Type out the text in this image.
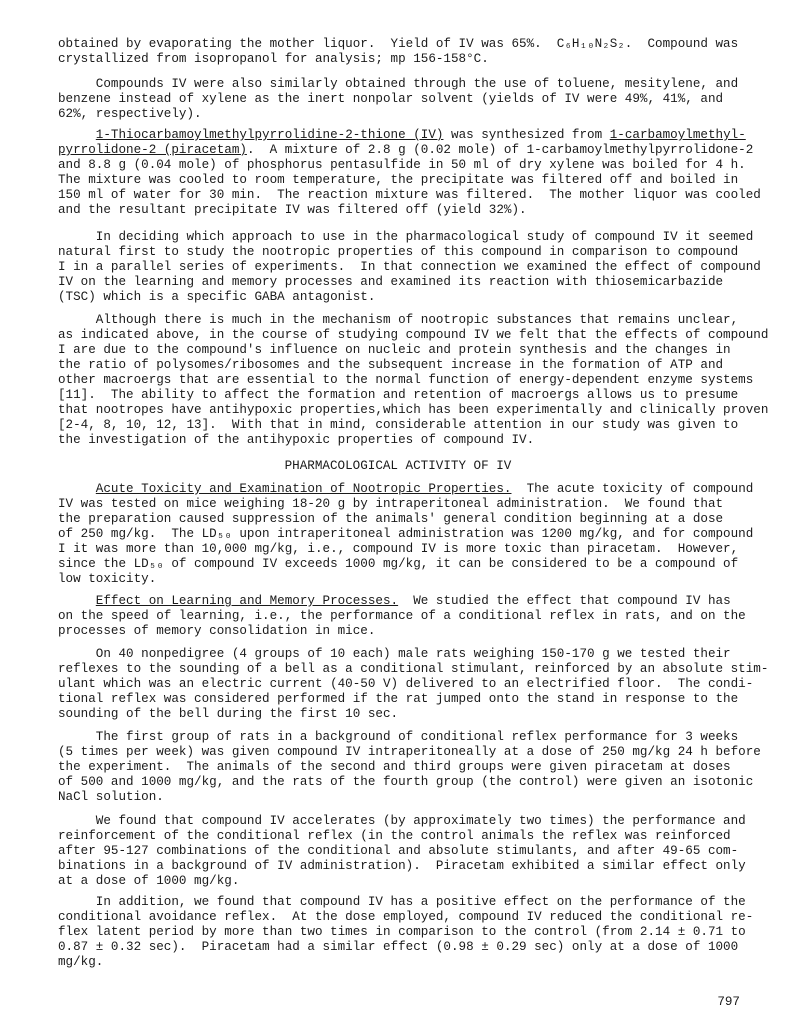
obtained by evaporating the mother liquor.  Yield of IV was 65%.  C₆H₁₀N₂S₂.  Compound was
crystallized from isopropanol for analysis; mp 156-158°C.
Compounds IV were also similarly obtained through the use of toluene, mesitylene, and
benzene instead of xylene as the inert nonpolar solvent (yields of IV were 49%, 41%, and
62%, respectively).
1-Thiocarbamoylmethylpyrrolidine-2-thione (IV) was synthesized from 1-carbamoylmethyl-
pyrrolidone-2 (piracetam).  A mixture of 2.8 g (0.02 mole) of 1-carbamoylmethylpyrrolidone-2
and 8.8 g (0.04 mole) of phosphorus pentasulfide in 50 ml of dry xylene was boiled for 4 h.
The mixture was cooled to room temperature, the precipitate was filtered off and boiled in
150 ml of water for 30 min.  The reaction mixture was filtered.  The mother liquor was cooled
and the resultant precipitate IV was filtered off (yield 32%).
In deciding which approach to use in the pharmacological study of compound IV it seemed
natural first to study the nootropic properties of this compound in comparison to compound
I in a parallel series of experiments.  In that connection we examined the effect of compound
IV on the learning and memory processes and examined its reaction with thiosemicarbazide
(TSC) which is a specific GABA antagonist.
Although there is much in the mechanism of nootropic substances that remains unclear,
as indicated above, in the course of studying compound IV we felt that the effects of compound
I are due to the compound's influence on nucleic and protein synthesis and the changes in
the ratio of polysomes/ribosomes and the subsequent increase in the formation of ATP and
other macroergs that are essential to the normal function of energy-dependent enzyme systems
[11].  The ability to affect the formation and retention of macroergs allows us to presume
that nootropes have antihypoxic properties,which has been experimentally and clinically proven
[2-4, 8, 10, 12, 13].  With that in mind, considerable attention in our study was given to
the investigation of the antihypoxic properties of compound IV.

PHARMACOLOGICAL ACTIVITY OF IV

Acute Toxicity and Examination of Nootropic Properties.  The acute toxicity of compound
IV was tested on mice weighing 18-20 g by intraperitoneal administration.  We found that
the preparation caused suppression of the animals' general condition beginning at a dose
of 250 mg/kg.  The LD₅₀ upon intraperitoneal administration was 1200 mg/kg, and for compound
I it was more than 10,000 mg/kg, i.e., compound IV is more toxic than piracetam.  However,
since the LD₅₀ of compound IV exceeds 1000 mg/kg, it can be considered to be a compound of
low toxicity.
Effect on Learning and Memory Processes.  We studied the effect that compound IV has
on the speed of learning, i.e., the performance of a conditional reflex in rats, and on the
processes of memory consolidation in mice.
On 40 nonpedigree (4 groups of 10 each) male rats weighing 150-170 g we tested their
reflexes to the sounding of a bell as a conditional stimulant, reinforced by an absolute stim-
ulant which was an electric current (40-50 V) delivered to an electrified floor.  The condi-
tional reflex was considered performed if the rat jumped onto the stand in response to the
sounding of the bell during the first 10 sec.
The first group of rats in a background of conditional reflex performance for 3 weeks
(5 times per week) was given compound IV intraperitoneally at a dose of 250 mg/kg 24 h before
the experiment.  The animals of the second and third groups were given piracetam at doses
of 500 and 1000 mg/kg, and the rats of the fourth group (the control) were given an isotonic
NaCl solution.
We found that compound IV accelerates (by approximately two times) the performance and
reinforcement of the conditional reflex (in the control animals the reflex was reinforced
after 95-127 combinations of the conditional and absolute stimulants, and after 49-65 com-
binations in a background of IV administration).  Piracetam exhibited a similar effect only
at a dose of 1000 mg/kg.
In addition, we found that compound IV has a positive effect on the performance of the
conditional avoidance reflex.  At the dose employed, compound IV reduced the conditional re-
flex latent period by more than two times in comparison to the control (from 2.14 ± 0.71 to
0.87 ± 0.32 sec).  Piracetam had a similar effect (0.98 ± 0.29 sec) only at a dose of 1000
mg/kg.

797
